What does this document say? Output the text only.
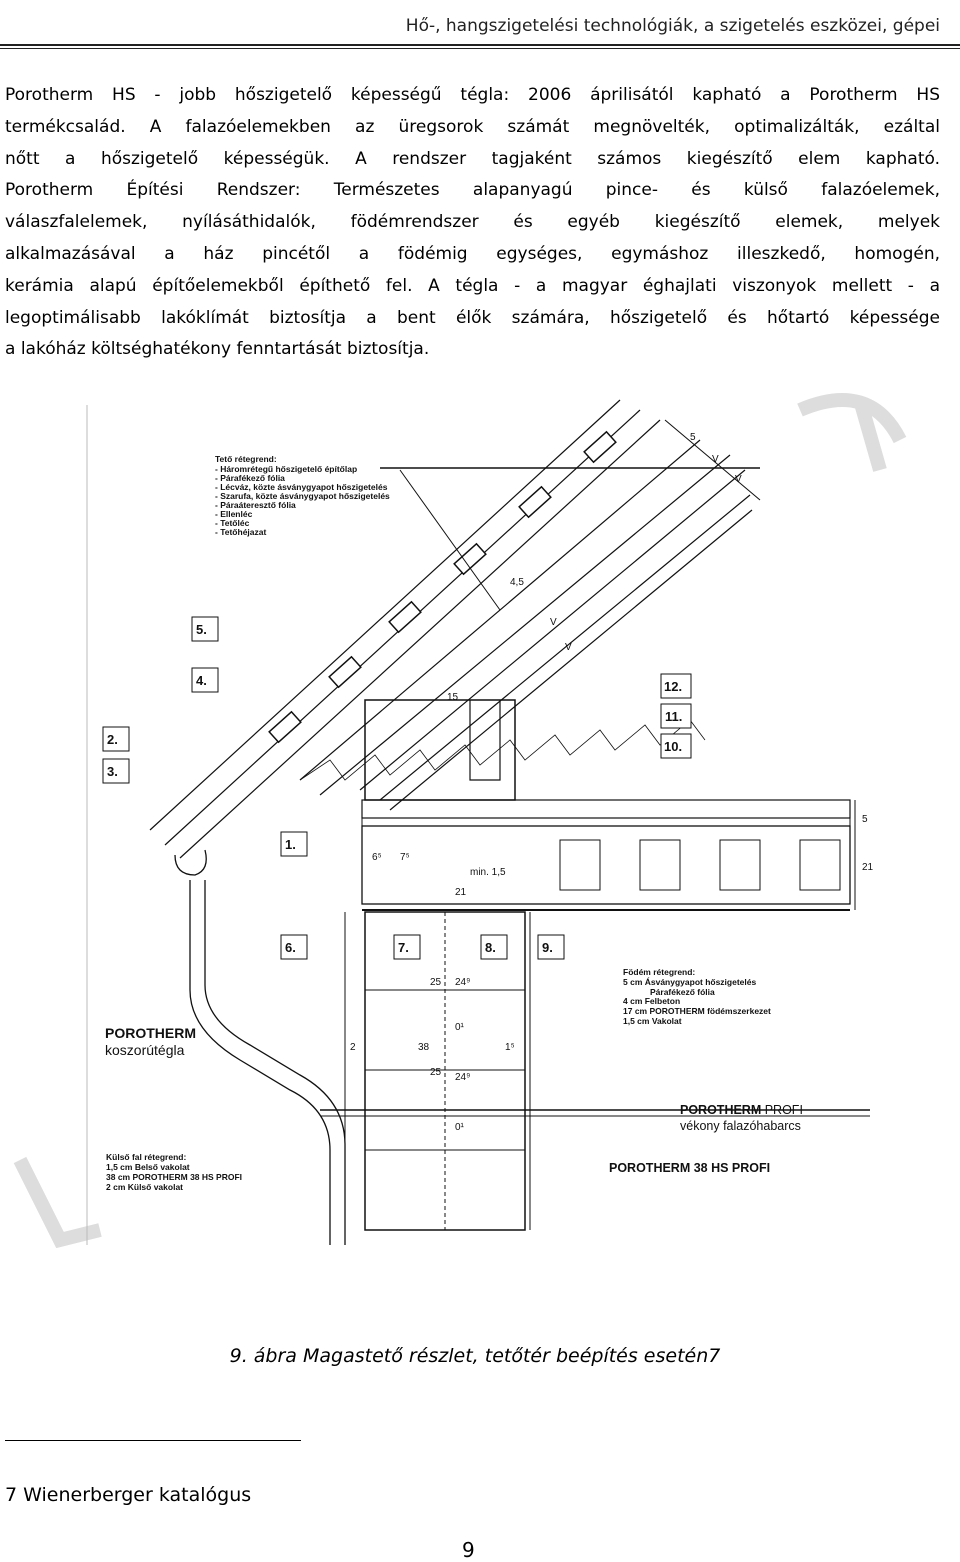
Hő-, hangszigetelési technológiák, a szigetelés eszközei, gépei
Porotherm HS - jobb hőszigetelő képességű tégla: 2006 áprilisától kapható a Porotherm HS
termékcsalád. A falazóelemekben az üregsorok számát megnövelték, optimalizálták, ezáltal
nőtt a hőszigetelő képességük. A rendszer tagjaként számos kiegészítő elem kapható.
Porotherm Építési Rendszer: Természetes alapanyagú pince- és külső falazóelemek,
válaszfalelemek, nyílásáthidalók, födémrendszer és egyéb kiegészítő elemek, melyek
alkalmazásával a ház pincétől a födémig egységes, egymáshoz illeszkedő, homogén,
kerámia alapú építőelemekből építhető fel. A tégla - a magyar éghajlati viszonyok mellett - a
legoptimálisabb lakóklímát biztosítja a bent élők számára, hőszigetelő és hőtartó képessége
a lakóház költséghatékony fenntartását biztosítja.
Tető rétegrend:
- Háromrétegű hőszigetelő építőlap
- Párafékező fólia
- Lécváz, közte ásványgyapot hőszigetelés
- Szarufa, közte ásványgyapot hőszigetelés
- Páraáteresztő fólia
- Ellenléc
- Tetőléc
- Tetőhéjazat
Födém rétegrend:
5 cm Ásványgyapot hőszigetelés
Párafékező fólia
4 cm Felbeton
17 cm POROTHERM födémszerkezet
1,5 cm Vakolat
Külső fal rétegrend:
1,5 cm Belső vakolat
38 cm POROTHERM 38 HS PROFI
2 cm Külső vakolat
POROTHERM
koszorútégla
POROTHERM PROFI
vékony falazóhabarcs
POROTHERM 38 HS PROFI
1.
2.
3.
4.
5.
6.	7.	8.	9.
10.
11.
12.
5
V
V
V
V
4,5
15
6⁵ 7⁵
min. 1,5
21
2	38	1⁵
25 24⁹
0¹
25 24⁹
0¹
5
21
9. ábra Magastető részlet, tetőtér beépítés esetén7
7 Wienerberger katalógus
9
